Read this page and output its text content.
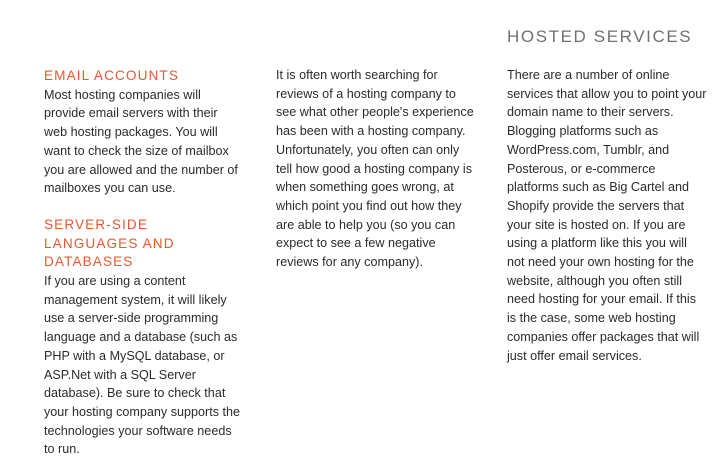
HOSTED SERVICES
EMAIL ACCOUNTS

Most hosting companies will provide email servers with their web hosting packages. You will want to check the size of mailbox you are allowed and the number of mailboxes you can use.

SERVER-SIDE LANGUAGES AND DATABASES

If you are using a content management system, it will likely use a server-side programming language and a database (such as PHP with a MySQL database, or ASP.Net with a SQL Server database). Be sure to check that your hosting company supports the technologies your software needs to run.

It is often worth searching for reviews of a hosting company to see what other people's experience has been with a hosting company. Unfortunately, you often can only tell how good a hosting company is when something goes wrong, at which point you find out how they are able to help you (so you can expect to see a few negative reviews for any company).

There are a number of online services that allow you to point your domain name to their servers. Blogging platforms such as WordPress.com, Tumblr, and Posterous, or e-commerce platforms such as Big Cartel and Shopify provide the servers that your site is hosted on. If you are using a platform like this you will not need your own hosting for the website, although you often still need hosting for your email. If this is the case, some web hosting companies offer packages that will just offer email services.
